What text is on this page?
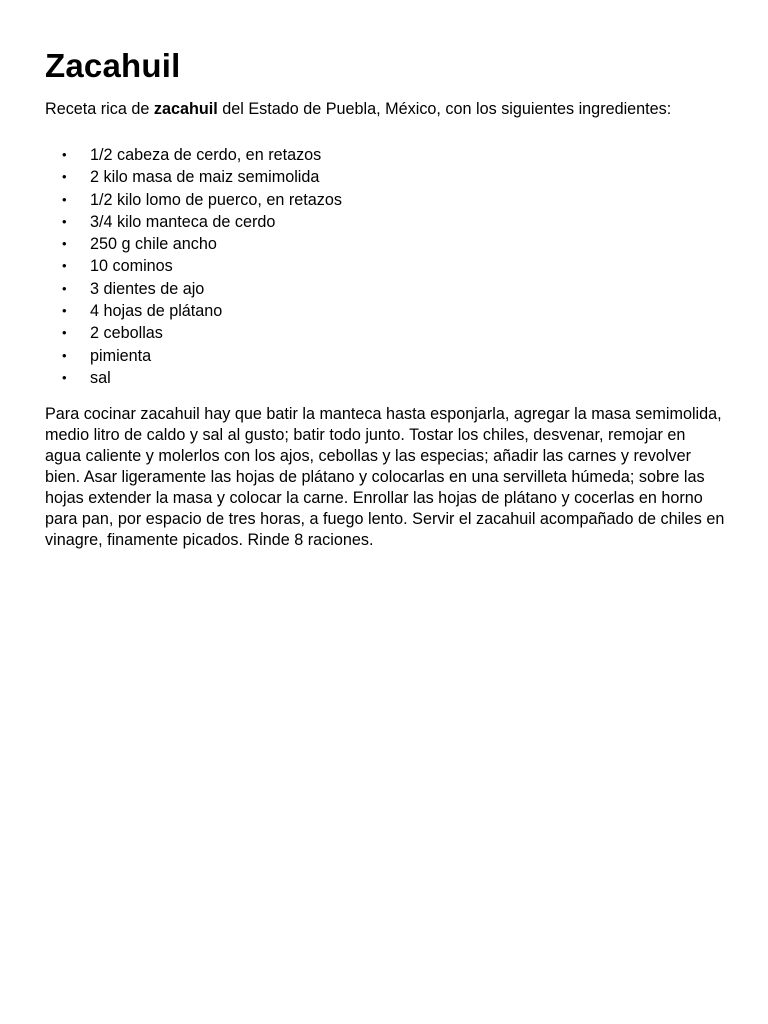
Zacahuil

Receta rica de zacahuil del Estado de Puebla, México, con los siguientes ingredientes:

• 1/2 cabeza de cerdo, en retazos
• 2 kilo masa de maiz semimolida
• 1/2 kilo lomo de puerco, en retazos
• 3/4 kilo manteca de cerdo
• 250 g chile ancho
• 10 cominos
• 3 dientes de ajo
• 4 hojas de plátano
• 2 cebollas
• pimienta
• sal

Para cocinar zacahuil hay que batir la manteca hasta esponjarla, agregar la masa semimolida, medio litro de caldo y sal al gusto; batir todo junto. Tostar los chiles, desvenar, remojar en agua caliente y molerlos con los ajos, cebollas y las especias; añadir las carnes y revolver bien. Asar ligeramente las hojas de plátano y colocarlas en una servilleta húmeda; sobre las hojas extender la masa y colocar la carne. Enrollar las hojas de plátano y cocerlas en horno para pan, por espacio de tres horas, a fuego lento. Servir el zacahuil acompañado de chiles en vinagre, finamente picados. Rinde 8 raciones.
